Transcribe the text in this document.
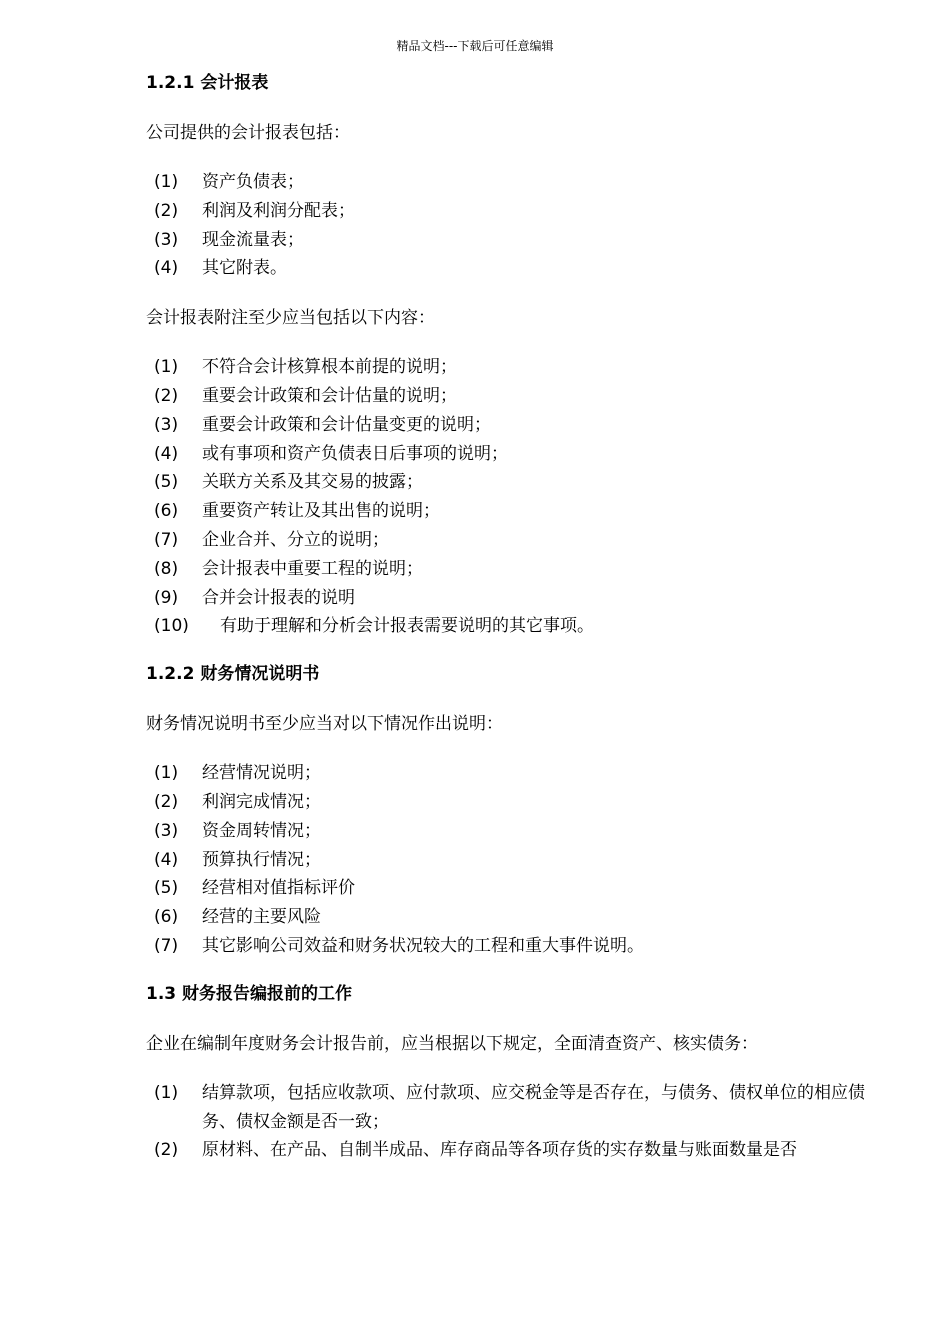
精品文档---下载后可任意编辑
1.2.1 会计报表

公司提供的会计报表包括：

(1)	资产负债表；
(2)	利润及利润分配表；
(3)	现金流量表；
(4)	其它附表。

会计报表附注至少应当包括以下内容：

(1)	不符合会计核算根本前提的说明；
(2)	重要会计政策和会计估量的说明；
(3)	重要会计政策和会计估量变更的说明；
(4)	或有事项和资产负债表日后事项的说明；
(5)	关联方关系及其交易的披露；
(6)	重要资产转让及其出售的说明；
(7)	企业合并、分立的说明；
(8)	会计报表中重要工程的说明；
(9)	合并会计报表的说明
(10)	有助于理解和分析会计报表需要说明的其它事项。
1.2.2 财务情况说明书

财务情况说明书至少应当对以下情况作出说明：

(1)	经营情况说明；
(2)	利润完成情况；
(3)	资金周转情况；
(4)	预算执行情况；
(5)	经营相对值指标评价
(6)	经营的主要风险
(7)	其它影响公司效益和财务状况较大的工程和重大事件说明。
1.3 财务报告编报前的工作

企业在编制年度财务会计报告前，应当根据以下规定，全面清查资产、核实债务：

(1)	结算款项，包括应收款项、应付款项、应交税金等是否存在，与债务、债权单位的相应债务、债权金额是否一致；
(2)	原材料、在产品、自制半成品、库存商品等各项存货的实存数量与账面数量是否
